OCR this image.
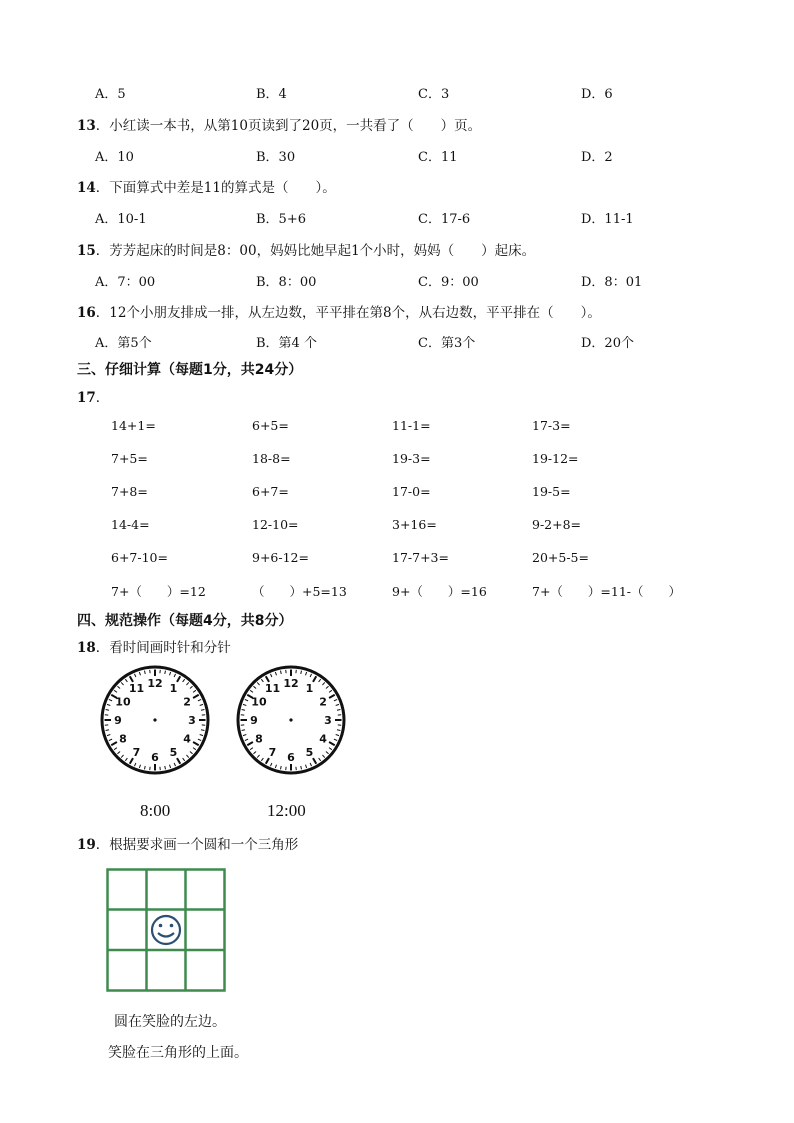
A．5	B．4	C．3	D．6
13．小红读一本书，从第10页读到了20页，一共看了（　　）页。
A．10	B．30	C．11	D．2
14．下面算式中差是11的算式是（　　）。
A．10-1	B．5+6	C．17-6	D．11-1
15．芳芳起床的时间是8：00，妈妈比她早起1个小时，妈妈（　　）起床。
A．7：00	B．8：00	C．9：00	D．8：01
16．12个小朋友排成一排，从左边数，平平排在第8个，从右边数，平平排在（　　）。
A．第5个	B．第4 个	C．第3个	D．20个
三、仔细计算（每题1分，共24分）
17．
14+1=	6+5=	11-1=	17-3=
7+5=	18-8=	19-3=	19-12=
7+8=	6+7=	17-0=	19-5=
14-4=	12-10=	3+16=	9-2+8=
6+7-10=	9+6-12=	17-7+3=	20+5-5=
7+（　　）=12	（　　）+5=13	9+（　　）=16	7+（　　）=11-（　　）
四、规范操作（每题4分，共8分）
18．看时间画时针和分针
12 1
2
3
4
5
6
7
8
9
10
11	12 1
2
3
4
5
6
7
8
9
10
11
8:00	12:00
19．根据要求画一个圆和一个三角形
圆在笑脸的左边。
笑脸在三角形的上面。
